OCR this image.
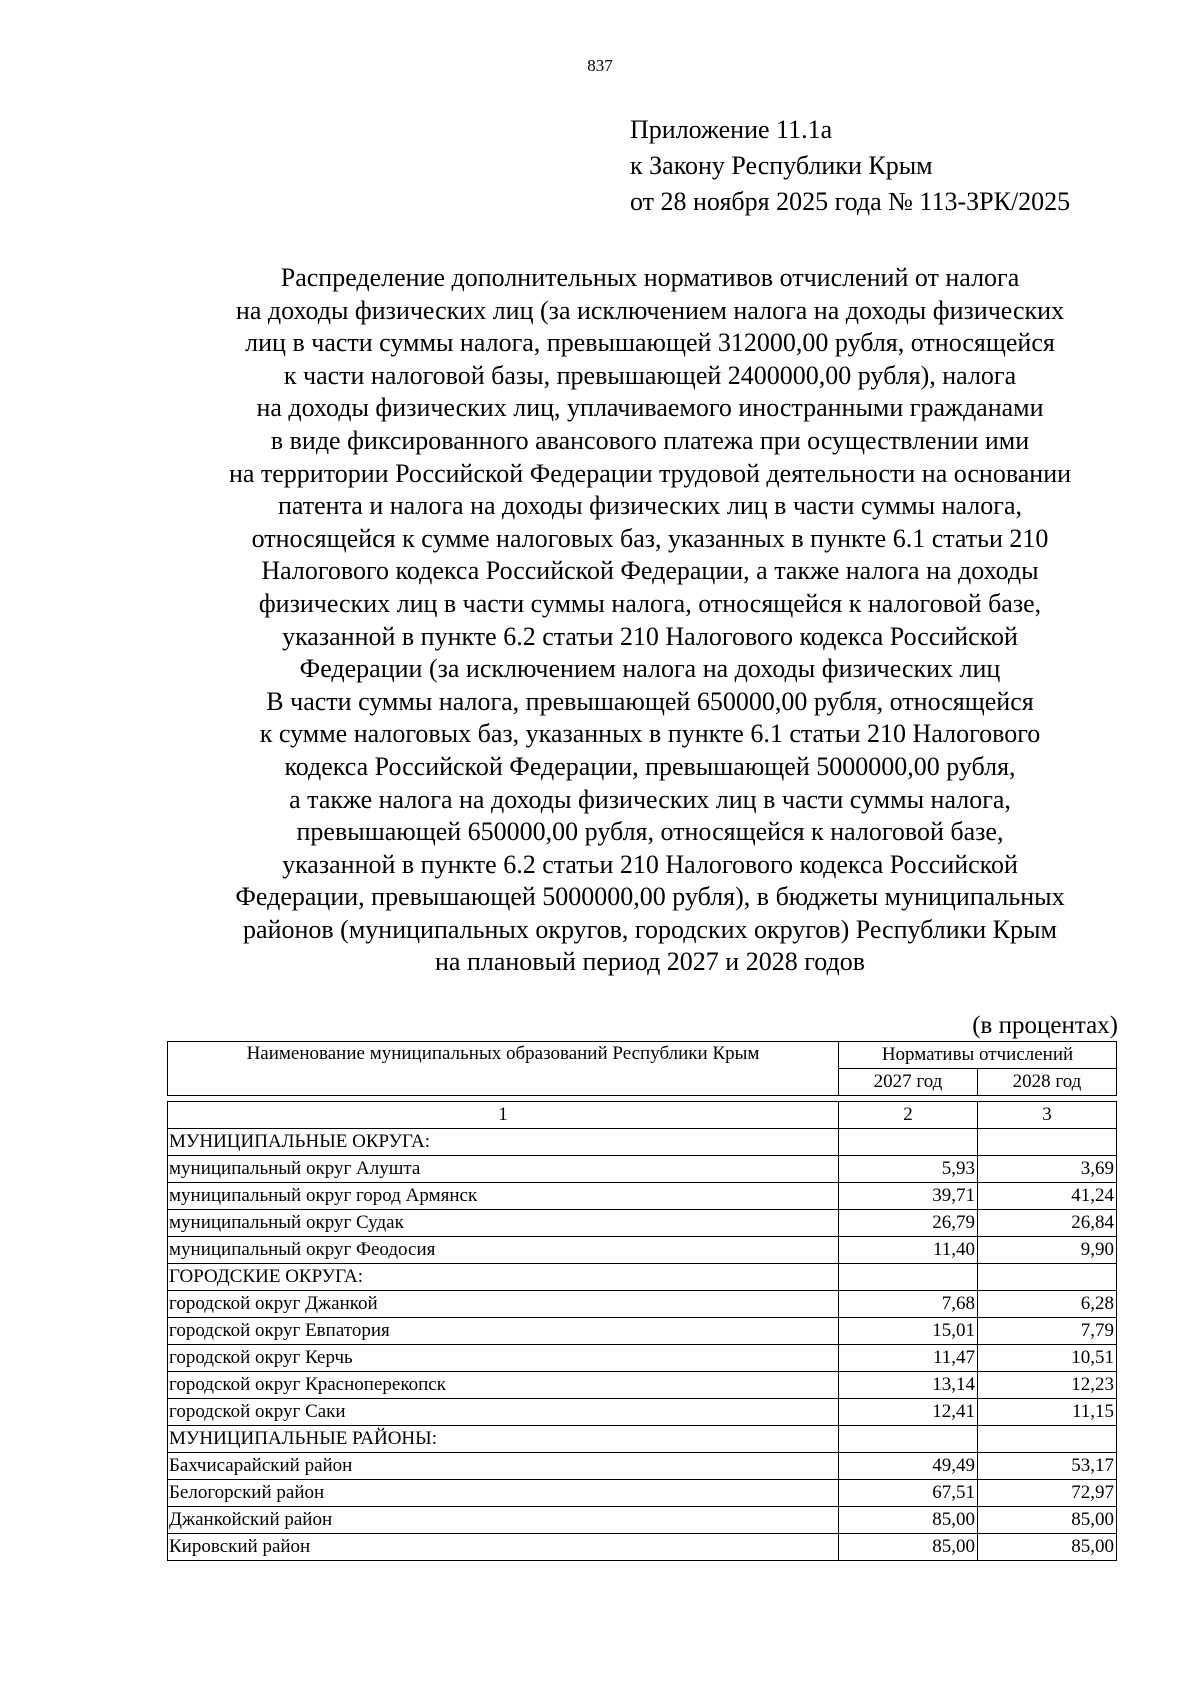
837
Приложение 11.1а
к Закону Республики Крым
от 28 ноября 2025 года № 113-ЗРК/2025
Распределение дополнительных нормативов отчислений от налога
на доходы физических лиц (за исключением налога на доходы физических
лиц в части суммы налога, превышающей 312000,00 рубля, относящейся
к части налоговой базы, превышающей 2400000,00 рубля), налога
на доходы физических лиц, уплачиваемого иностранными гражданами
в виде фиксированного авансового платежа при осуществлении ими
на территории Российской Федерации трудовой деятельности на основании
патента и налога на доходы физических лиц в части суммы налога,
относящейся к сумме налоговых баз, указанных в пункте 6.1 статьи 210
Налогового кодекса Российской Федерации, а также налога на доходы
физических лиц в части суммы налога, относящейся к налоговой базе,
указанной в пункте 6.2 статьи 210 Налогового кодекса Российской
Федерации (за исключением налога на доходы физических лиц
В части суммы налога, превышающей 650000,00 рубля, относящейся
к сумме налоговых баз, указанных в пункте 6.1 статьи 210 Налогового
кодекса Российской Федерации, превышающей 5000000,00 рубля,
а также налога на доходы физических лиц в части суммы налога,
превышающей 650000,00 рубля, относящейся к налоговой базе,
указанной в пункте 6.2 статьи 210 Налогового кодекса Российской
Федерации, превышающей 5000000,00 рубля), в бюджеты муниципальных
районов (муниципальных округов, городских округов) Республики Крым
на плановый период 2027 и 2028 годов
(в процентах)
Наименование муниципальных образований Республики Крым	Нормативы отчислений	
	2027 год	2028 год
1	2	3
МУНИЦИПАЛЬНЫЕ ОКРУГА:		
муниципальный округ Алушта	5,93	3,69
муниципальный округ город Армянск	39,71	41,24
муниципальный округ Судак	26,79	26,84
муниципальный округ Феодосия	11,40	9,90
ГОРОДСКИЕ ОКРУГА:		
городской округ Джанкой	7,68	6,28
городской округ Евпатория	15,01	7,79
городской округ Керчь	11,47	10,51
городской округ Красноперекопск	13,14	12,23
городской округ Саки	12,41	11,15
МУНИЦИПАЛЬНЫЕ РАЙОНЫ:		
Бахчисарайский район	49,49	53,17
Белогорский район	67,51	72,97
Джанкойский район	85,00	85,00
Кировский район	85,00	85,00
